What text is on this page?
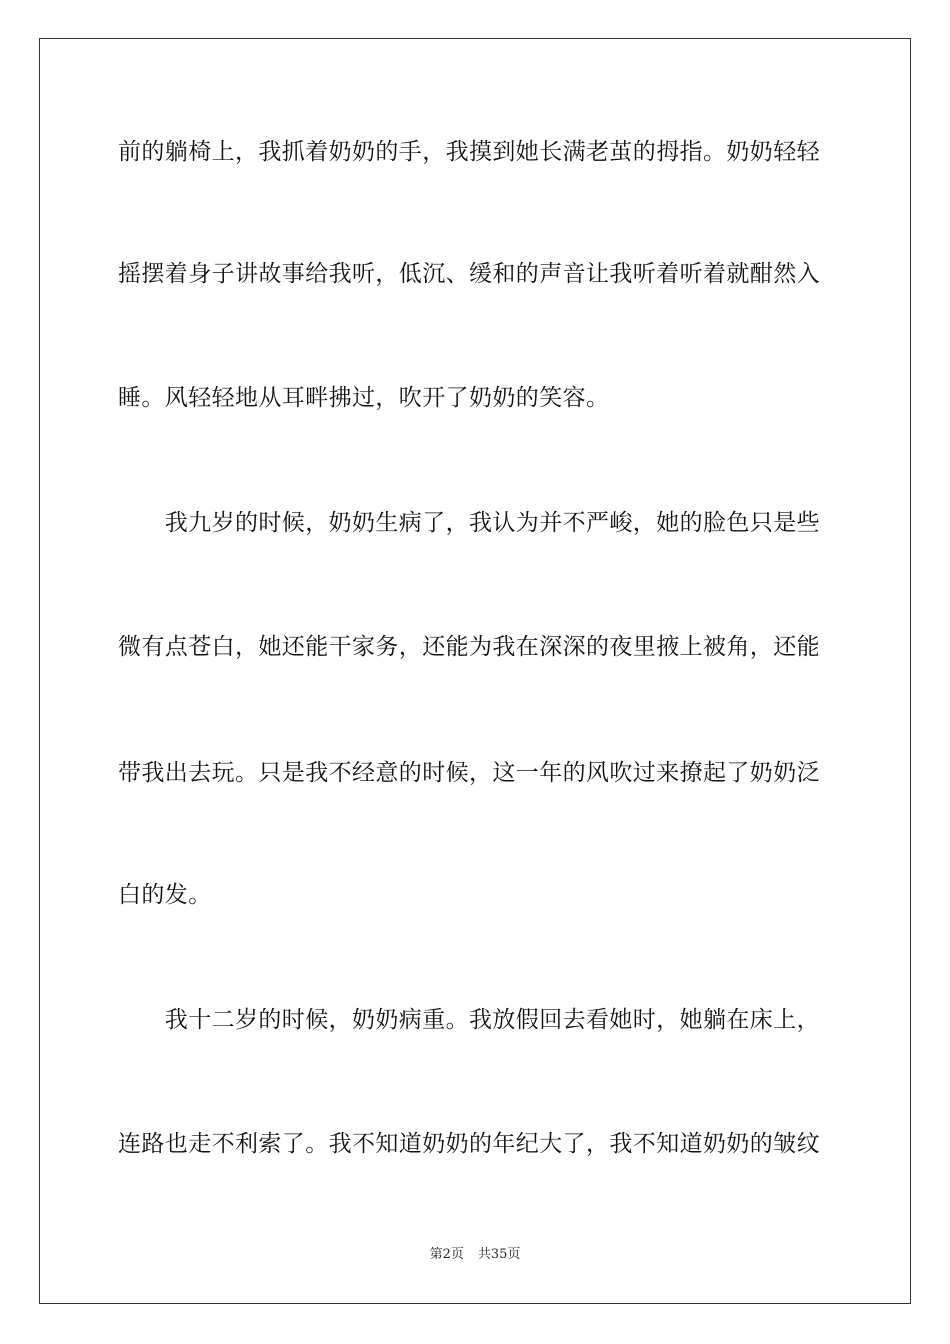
前的躺椅上，我抓着奶奶的手，我摸到她长满老茧的拇指。奶奶轻轻
摇摆着身子讲故事给我听，低沉、缓和的声音让我听着听着就酣然入
睡。风轻轻地从耳畔拂过，吹开了奶奶的笑容。
　　我九岁的时候，奶奶生病了，我认为并不严峻，她的脸色只是些
微有点苍白，她还能干家务，还能为我在深深的夜里掖上被角，还能
带我出去玩。只是我不经意的时候，这一年的风吹过来撩起了奶奶泛
白的发。
　　我十二岁的时候，奶奶病重。我放假回去看她时，她躺在床上，
连路也走不利索了。我不知道奶奶的年纪大了，我不知道奶奶的皱纹
第2页 共35页
